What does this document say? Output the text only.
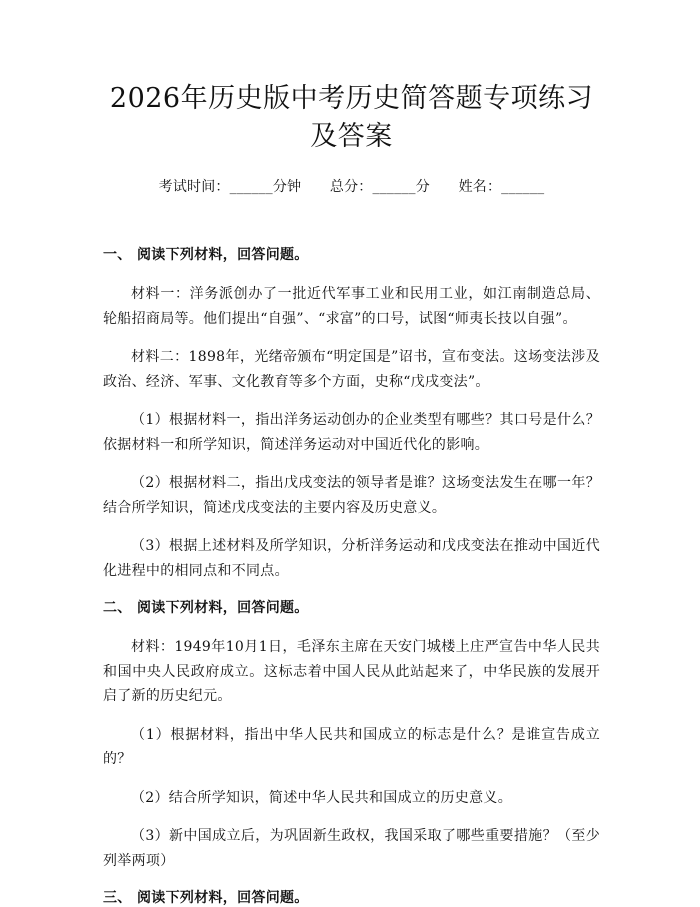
2026年历史版中考历史简答题专项练习及答案
考试时间：______分钟 总分：______分 姓名：______
一、 阅读下列材料，回答问题。

材料一：洋务派创办了一批近代军事工业和民用工业，如江南制造总局、轮船招商局等。他们提出“自强”、“求富”的口号，试图“师夷长技以自强”。

材料二：1898年，光绪帝颁布“明定国是”诏书，宣布变法。这场变法涉及政治、经济、军事、文化教育等多个方面，史称“戊戌变法”。

（1）根据材料一，指出洋务运动创办的企业类型有哪些？其口号是什么？依据材料一和所学知识，简述洋务运动对中国近代化的影响。

（2）根据材料二，指出戊戌变法的领导者是谁？这场变法发生在哪一年？结合所学知识，简述戊戌变法的主要内容及历史意义。

（3）根据上述材料及所学知识，分析洋务运动和戊戌变法在推动中国近代化进程中的相同点和不同点。

二、 阅读下列材料，回答问题。

材料：1949年10月1日，毛泽东主席在天安门城楼上庄严宣告中华人民共和国中央人民政府成立。这标志着中国人民从此站起来了，中华民族的发展开启了新的历史纪元。

（1）根据材料，指出中华人民共和国成立的标志是什么？是谁宣告成立的？

（2）结合所学知识，简述中华人民共和国成立的历史意义。

（3）新中国成立后，为巩固新生政权，我国采取了哪些重要措施？（至少列举两项）

三、 阅读下列材料，回答问题。
